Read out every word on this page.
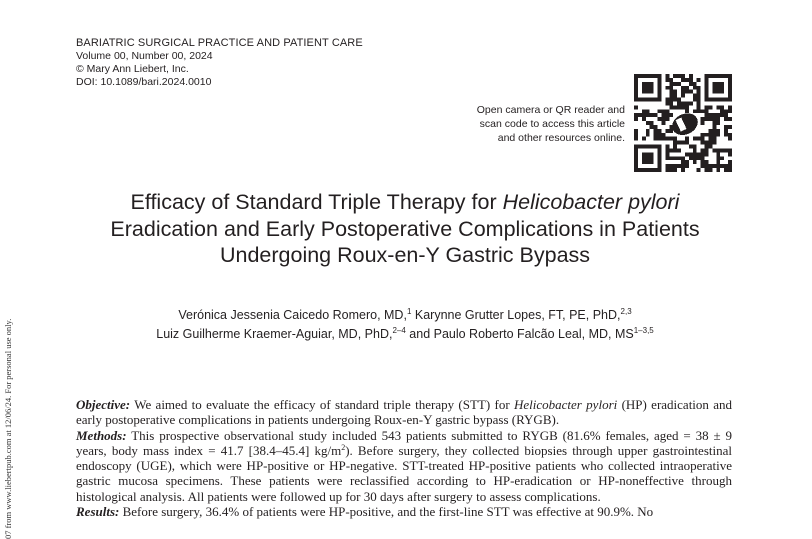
BARIATRIC SURGICAL PRACTICE AND PATIENT CARE
Volume 00, Number 00, 2024
© Mary Ann Liebert, Inc.
DOI: 10.1089/bari.2024.0010
Open camera or QR reader and
scan code to access this article
and other resources online.
Efficacy of Standard Triple Therapy for Helicobacter pylori
Eradication and Early Postoperative Complications in Patients
Undergoing Roux-en-Y Gastric Bypass
Verónica Jessenia Caicedo Romero, MD,$^1$ Karynne Grutter Lopes, FT, PE, PhD,$^{2,3}$
Luiz Guilherme Kraemer-Aguiar, MD, PhD,$^{2-4}$ and Paulo Roberto Falcão Leal, MD, MS$^{1-3,5}$

Objective: We aimed to evaluate the efficacy of standard triple therapy (STT) for Helicobacter pylori (HP) eradication and early postoperative complications in patients undergoing Roux-en-Y gastric bypass (RYGB).

Methods: This prospective observational study included 543 patients submitted to RYGB (81.6% females, aged = 38 ± 9 years, body mass index = 41.7 [38.4–45.4] $kg/m^2$). Before surgery, they collected biopsies through upper gastrointestinal endoscopy (UGE), which were HP-positive or HP-negative. STT-treated HP-positive patients who collected intraoperative gastric mucosa specimens. These patients were reclassified according to HP-eradication or HP-noneffective through histological analysis. All patients were followed up for 30 days after surgery to assess complications.

Results: Before surgery, 36.4% of patients were HP-positive, and the first-line STT was effective at 90.9%. No

07 from www.liebertpub.com at 12/06/24. For personal use only.
